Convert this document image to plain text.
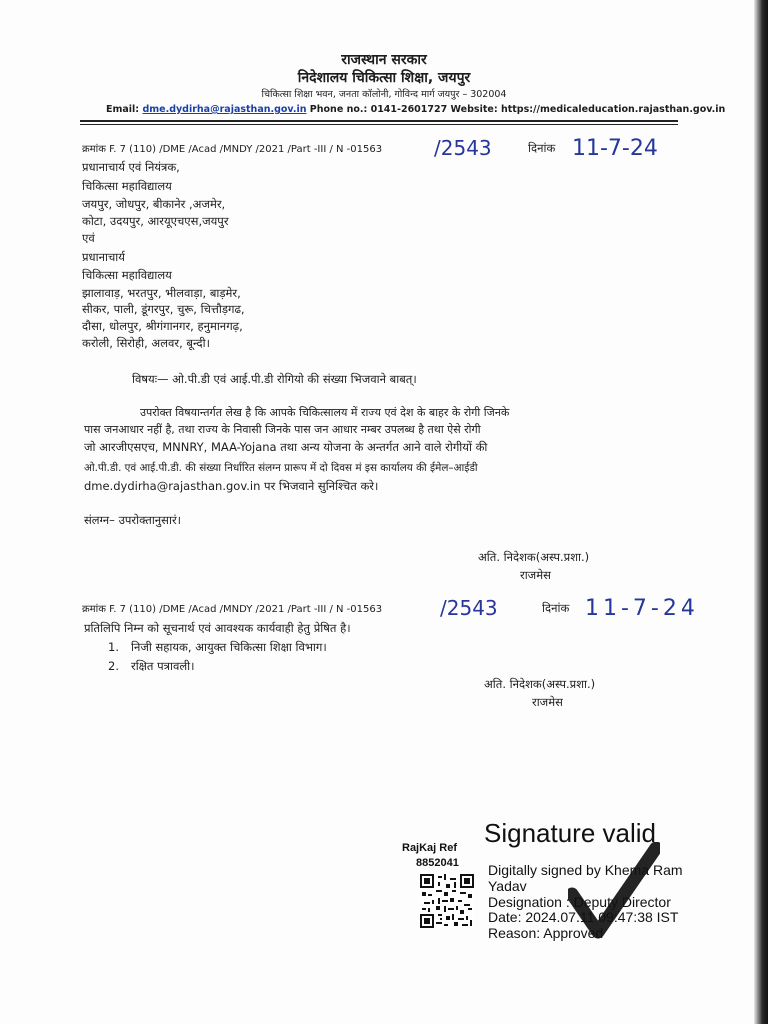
राजस्थान सरकार
निदेशालय चिकित्सा शिक्षा, जयपुर
चिकित्सा शिक्षा भवन, जनता कॉलोनी, गोविन्द मार्ग जयपुर – 302004
Email: dme.dydirha@rajasthan.gov.in Phone no.: 0141-2601727 Website: https://medicaleducation.rajasthan.gov.in
क्रमांक F. 7 (110) /DME /Acad /MNDY /2021 /Part -III / N -01563	/2543	दिनांक 11-7-24
प्रधानाचार्य एवं नियंत्रक,
चिकित्सा महाविद्यालय
जयपुर, जोधपुर, बीकानेर ,अजमेर,
कोटा, उदयपुर, आरयूएचएस,जयपुर
एवं
प्रधानाचार्य
चिकित्सा महाविद्यालय
झालावाड़, भरतपुर, भीलवाड़ा, बाड़मेर,
सीकर, पाली, डूंगरपुर, चुरू, चित्तौड़गढ,
दौसा, धोलपुर, श्रीगंगानगर, हनुमानगढ़,
करोली, सिरोही, अलवर, बून्दी।
विषयः— ओ.पी.डी एवं आई.पी.डी रोगियो की संख्या भिजवाने बाबत्।
उपरोक्त विषयान्तर्गत लेख है कि आपके चिकित्सालय में राज्य एवं देश के बाहर के रोगी जिनके
पास जनआधार नहीं है, तथा राज्य के निवासी जिनके पास जन आधार नम्बर उपलब्ध है तथा ऐसे रोगी
जो आरजीएसएच, MNNRY, MAA-Yojana तथा अन्य योजना के अन्तर्गत आने वाले रोगीयों की
ओ.पी.डी. एवं आई.पी.डी. की संख्या निर्धारित संलग्न प्रारूप में दो दिवस मं इस कार्यालय की ईमेल–आईडी
dme.dydirha@rajasthan.gov.in पर भिजवाने सुनिश्चित करे।
संलग्न– उपरोक्तानुसारं।
अति. निदेशक(अस्प.प्रशा.)
राजमेस
क्रमांक F. 7 (110) /DME /Acad /MNDY /2021 /Part -III / N -01563	/2543	दिनांक 11-7-24
प्रतिलिपि निम्न को सूचनार्थ एवं आवश्यक कार्यवाही हेतु प्रेषित है।
1. निजी सहायक, आयुक्त चिकित्सा शिक्षा विभाग।
2. रक्षित पत्रावली।
अति. निदेशक(अस्प.प्रशा.)
राजमेस
RajKaj Ref
8852041
Signature valid
Digitally signed by Khema Ram
Yadav
Designation : Deputy Director
Date: 2024.07.11 09:47:38 IST
Reason: Approved
